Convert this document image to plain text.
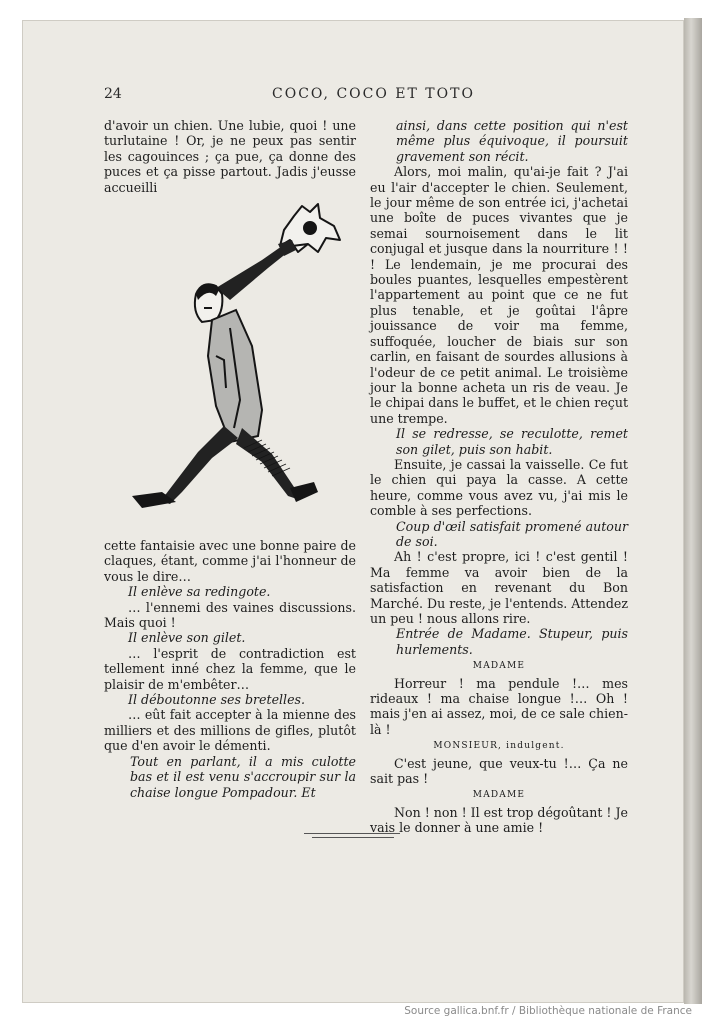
24	COCO, COCO ET TOTO

d'avoir un chien. Une lubie, quoi ! une turlutaine ! Or, je ne peux pas sentir les cagouinces ; ça pue, ça donne des puces et ça pisse partout. Jadis j'eusse accueilli

cette fantaisie avec une bonne paire de claques, étant, comme j'ai l'honneur de vous le dire…

Il enlève sa redingote.

… l'ennemi des vaines discussions. Mais quoi !

Il enlève son gilet.

… l'esprit de contradiction est tellement inné chez la femme, que le plaisir de m'embêter…

Il déboutonne ses bretelles.

… eût fait accepter à la mienne des milliers et des millions de gifles, plutôt que d'en avoir le démenti.

Tout en parlant, il a mis culotte bas et il est venu s'accroupir sur la chaise longue Pompadour. Et

ainsi, dans cette position qui n'est même plus équivoque, il poursuit gravement son récit.

Alors, moi malin, qu'ai-je fait ? J'ai eu l'air d'accepter le chien. Seulement, le jour même de son entrée ici, j'achetai une boîte de puces vivantes que je semai sournoisement dans le lit conjugal et jusque dans la nourriture ! ! ! Le lendemain, je me procurai des boules puantes, lesquelles empestèrent l'appartement au point que ce ne fut plus tenable, et je goûtai l'âpre jouissance de voir ma femme, suffoquée, loucher de biais sur son carlin, en faisant de sourdes allusions à l'odeur de ce petit animal. Le troisième jour la bonne acheta un ris de veau. Je le chipai dans le buffet, et le chien reçut une trempe.

Il se redresse, se reculotte, remet son gilet, puis son habit.

Ensuite, je cassai la vaisselle. Ce fut le chien qui paya la casse. A cette heure, comme vous avez vu, j'ai mis le comble à ses perfections.

Coup d'œil satisfait promené autour de soi.

Ah ! c'est propre, ici ! c'est gentil ! Ma femme va avoir bien de la satisfaction en revenant du Bon Marché. Du reste, je l'entends. Attendez un peu ! nous allons rire.

Entrée de Madame. Stupeur, puis hurlements.

MADAME

Horreur ! ma pendule !… mes rideaux ! ma chaise longue !… Oh ! mais j'en ai assez, moi, de ce sale chien-là !

MONSIEUR, indulgent.

C'est jeune, que veux-tu !… Ça ne sait pas !

MADAME

Non ! non ! Il est trop dégoûtant ! Je vais le donner à une amie !

Source gallica.bnf.fr / Bibliothèque nationale de France
